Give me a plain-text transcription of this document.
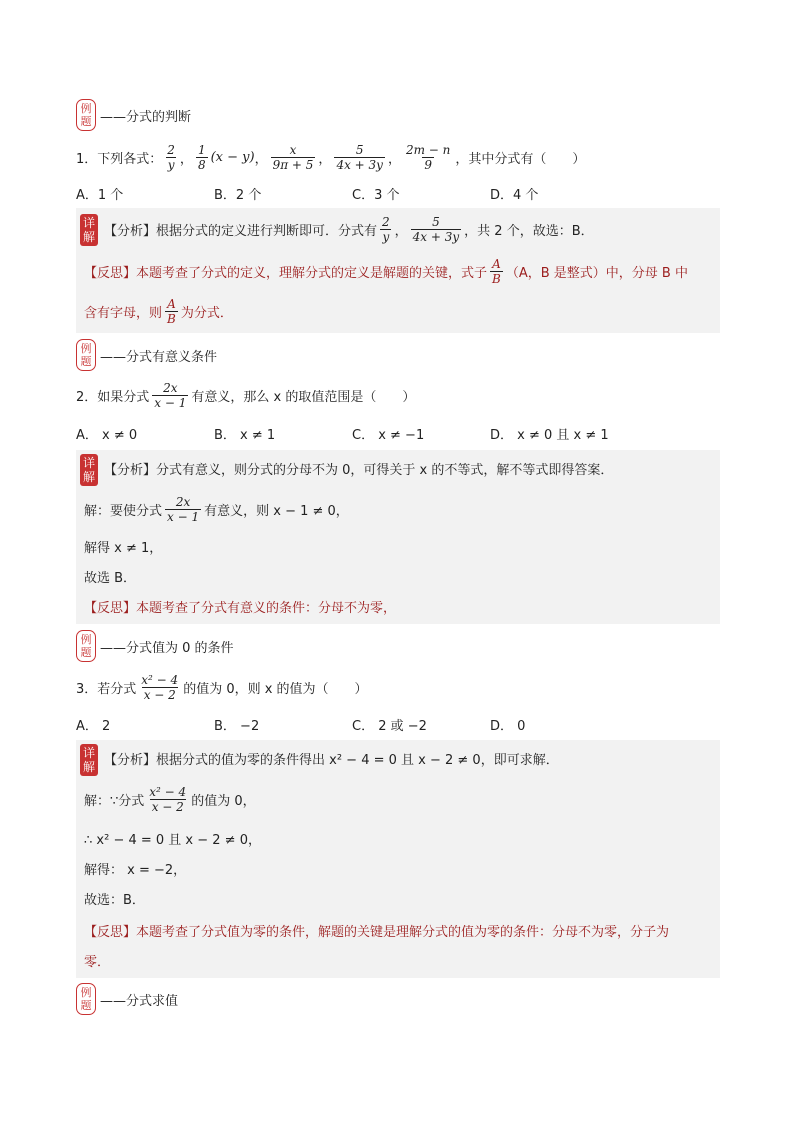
例
题 ——分式的判断
1．下列各式： $\frac{2}{y}$ ， $\frac{1}{8} (x - y)$ ， $\frac{x}{9\pi + 5}$ ， $\frac{5}{4x + 3y}$ ， $\frac{2m - n}{9}$ ，其中分式有（　　）
A．1 个	B．2 个	C．3 个	D．4 个
详
解 【分析】根据分式的定义进行判断即可．分式有 $\frac{2}{y}$ ， $\frac{5}{4x + 3y}$ ，共 2 个，故选：B．
【反思】本题考查了分式的定义，理解分式的定义是解题的关键，式子 $\frac{A}{B} (A$，B 是整式）中，分母 B 中
含有字母，则 $\frac{A}{B}$ 为分式．
例
题 ——分式有意义条件
2．如果分式 $\frac{2x}{x - 1}$ 有意义，那么 x 的取值范围是（　　）
A． x ≠ 0	B． x ≠ 1	C． x ≠ −1	D． x ≠ 0 且 x ≠ 1
详
解 【分析】分式有意义，则分式的分母不为 0，可得关于 x 的不等式，解不等式即得答案．
解：要使分式 $\frac{2x}{x - 1}$ 有意义，则 x − 1 ≠ 0，
解得 x ≠ 1，
故选 B．
【反思】本题考查了分式有意义的条件：分母不为零，
例
题 ——分式值为 0 的条件
3．若分式 $\frac{\text{x² − 4}}{x - 2}$ 的值为 0，则 x 的值为（　　）
A． 2	B． −2	C． 2 或 −2	D． 0
详
解 【分析】根据分式的值为零的条件得出 x² − 4 = 0 且 x − 2 ≠ 0，即可求解．
解：∵分式 $\frac{\text{x² − 4}}{x - 2}$ 的值为 0，
∴ x² − 4 = 0 且 x − 2 ≠ 0，
解得： x = −2，
故选：B．
【反思】本题考查了分式值为零的条件，解题的关键是理解分式的值为零的条件：分母不为零，分子为
零．
例
题 ——分式求值
